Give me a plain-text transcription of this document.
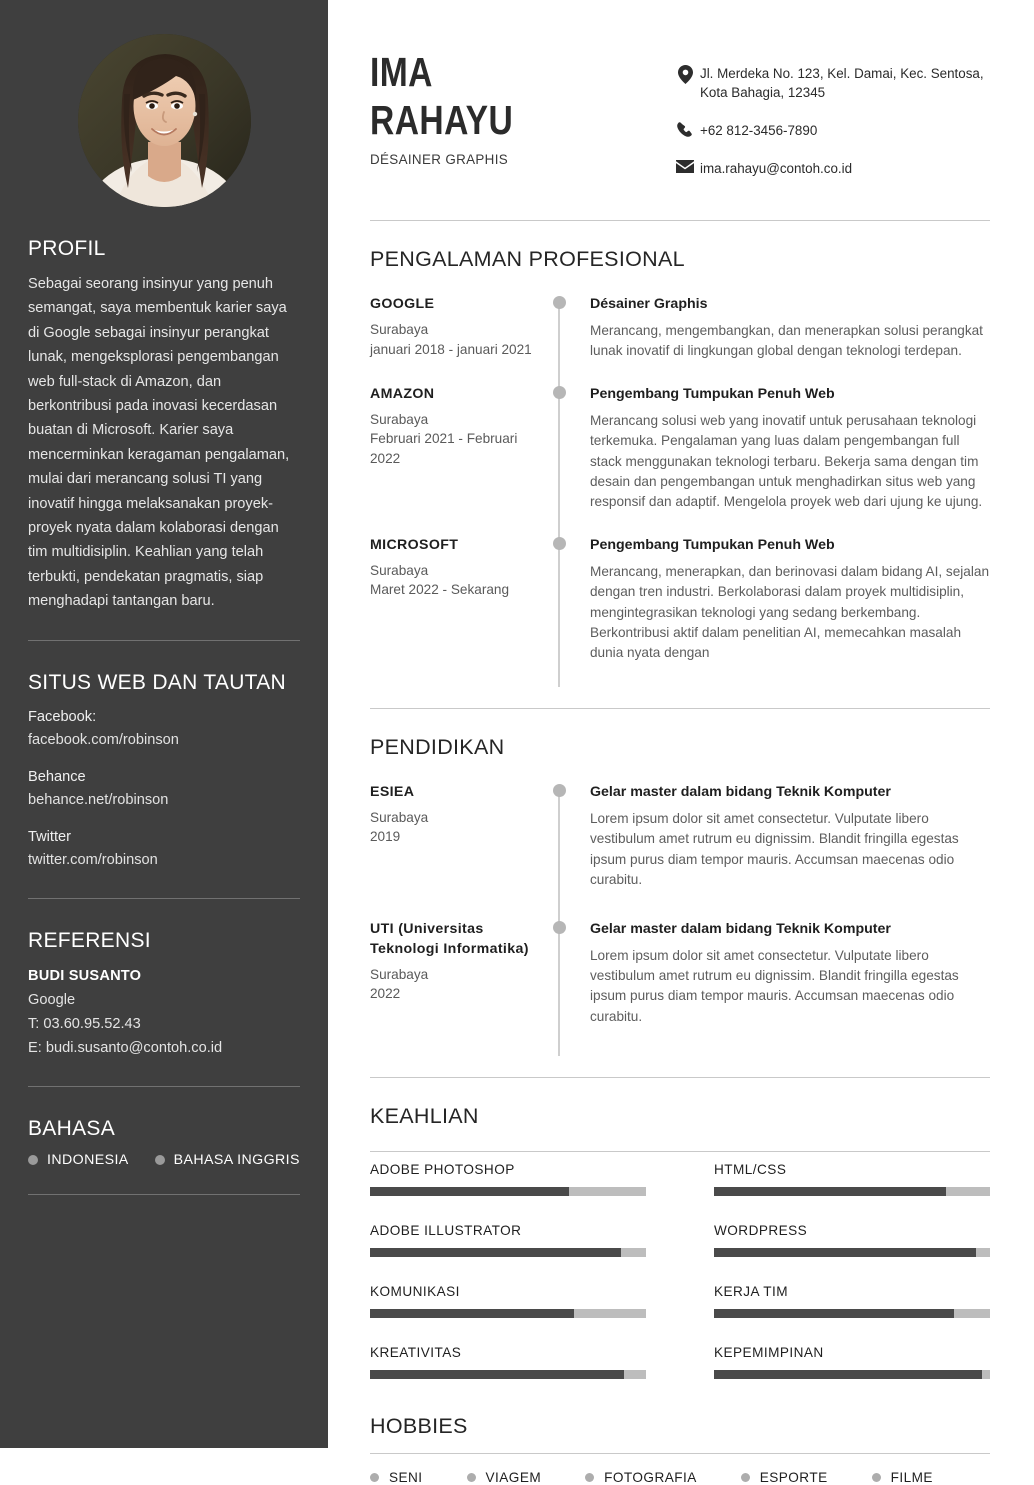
PROFIL

Sebagai seorang insinyur yang penuh semangat, saya membentuk karier saya di Google sebagai insinyur perangkat lunak, mengeksplorasi pengembangan web full-stack di Amazon, dan berkontribusi pada inovasi kecerdasan buatan di Microsoft. Karier saya mencerminkan keragaman pengalaman, mulai dari merancang solusi TI yang inovatif hingga melaksanakan proyek-proyek nyata dalam kolaborasi dengan tim multidisiplin. Keahlian yang telah terbukti, pendekatan pragmatis, siap menghadapi tantangan baru.

SITUS WEB DAN TAUTAN
Facebook:
facebook.com/robinson
Behance
behance.net/robinson
Twitter
twitter.com/robinson
REFERENSI
BUDI SUSANTO
Google
T: 03.60.95.52.43
E: budi.susanto@contoh.co.id
BAHASA
INDONESIA	BAHASA INGGRIS
IMA
RAHAYU
DÉSAINER GRAPHIS
Jl. Merdeka No. 123, Kel. Damai, Kec. Sentosa, Kota Bahagia, 12345
+62 812-3456-7890
ima.rahayu@contoh.co.id
PENGALAMAN PROFESIONAL
GOOGLE
Surabaya
januari 2018 - januari 2021
Désainer Graphis
Merancang, mengembangkan, dan menerapkan solusi perangkat lunak inovatif di lingkungan global dengan teknologi terdepan.
AMAZON
Surabaya
Februari 2021 - Februari 2022
Pengembang Tumpukan Penuh Web
Merancang solusi web yang inovatif untuk perusahaan teknologi terkemuka. Pengalaman yang luas dalam pengembangan full stack menggunakan teknologi terbaru. Bekerja sama dengan tim desain dan pengembangan untuk menghadirkan situs web yang responsif dan adaptif. Mengelola proyek web dari ujung ke ujung.
MICROSOFT
Surabaya
Maret 2022 - Sekarang
Pengembang Tumpukan Penuh Web
Merancang, menerapkan, dan berinovasi dalam bidang AI, sejalan dengan tren industri. Berkolaborasi dalam proyek multidisiplin, mengintegrasikan teknologi yang sedang berkembang. Berkontribusi aktif dalam penelitian AI, memecahkan masalah dunia nyata dengan
PENDIDIKAN
ESIEA
Surabaya
2019
Gelar master dalam bidang Teknik Komputer
Lorem ipsum dolor sit amet consectetur. Vulputate libero vestibulum amet rutrum eu dignissim. Blandit fringilla egestas ipsum purus diam tempor mauris. Accumsan maecenas odio curabitu.
UTI (Universitas Teknologi Informatika)
Surabaya
2022
Gelar master dalam bidang Teknik Komputer
Lorem ipsum dolor sit amet consectetur. Vulputate libero vestibulum amet rutrum eu dignissim. Blandit fringilla egestas ipsum purus diam tempor mauris. Accumsan maecenas odio curabitu.
KEAHLIAN
ADOBE PHOTOSHOP	HTML/CSS
ADOBE ILLUSTRATOR	WORDPRESS
KOMUNIKASI	KERJA TIM
KREATIVITAS	KEPEMIMPINAN
HOBBIES
SENI	VIAGEM	FOTOGRAFIA	ESPORTE	FILME
